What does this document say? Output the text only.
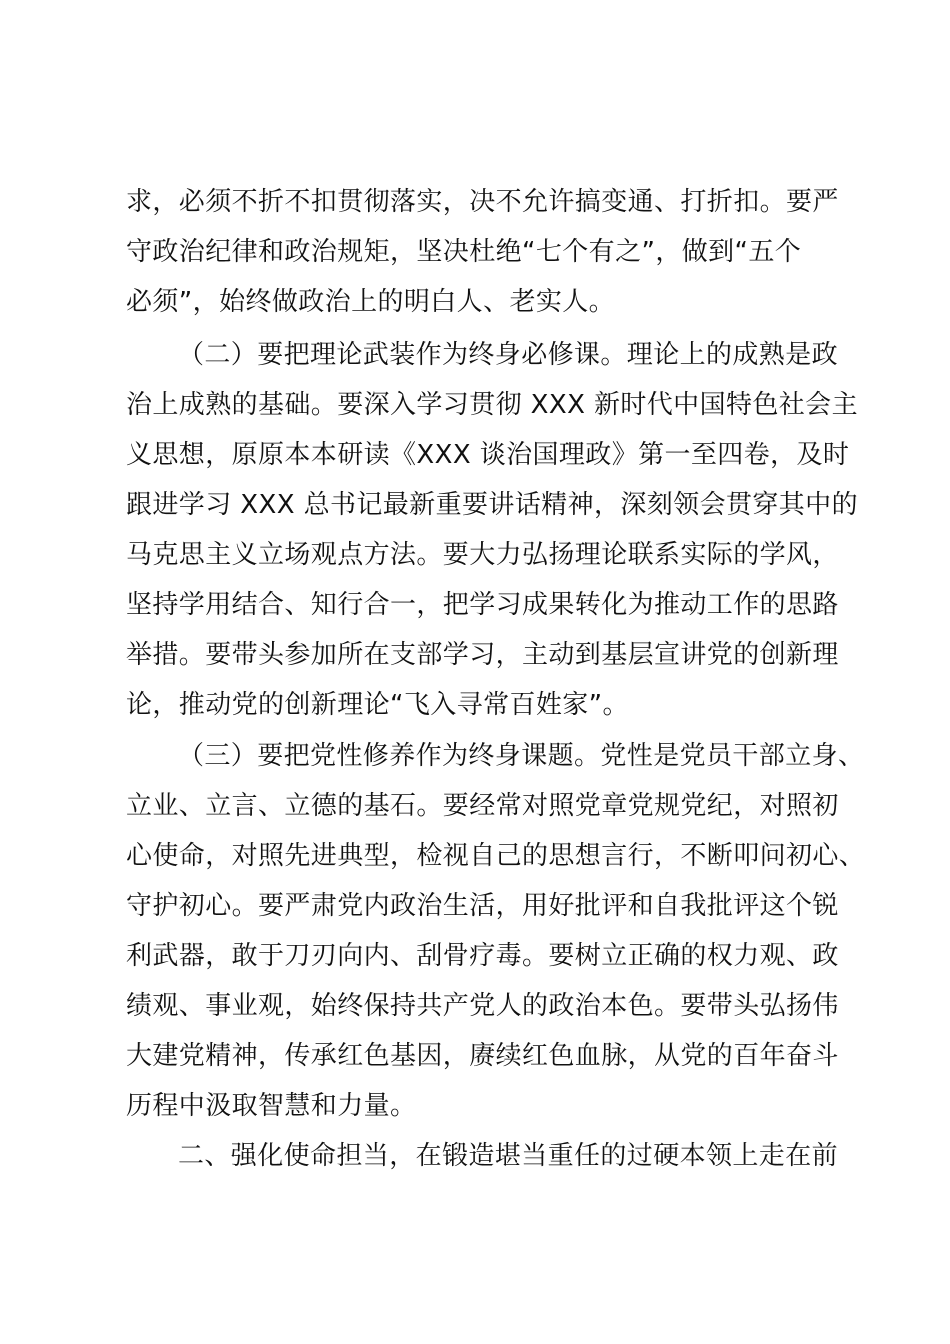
求，必须不折不扣贯彻落实，决不允许搞变通、打折扣。要严
守政治纪律和政治规矩，坚决杜绝“七个有之”，做到“五个
必须”，始终做政治上的明白人、老实人。
（二）要把理论武装作为终身必修课。理论上的成熟是政
治上成熟的基础。要深入学习贯彻 XXX 新时代中国特色社会主
义思想，原原本本研读《XXX 谈治国理政》第一至四卷，及时
跟进学习 XXX 总书记最新重要讲话精神，深刻领会贯穿其中的
马克思主义立场观点方法。要大力弘扬理论联系实际的学风，
坚持学用结合、知行合一，把学习成果转化为推动工作的思路
举措。要带头参加所在支部学习，主动到基层宣讲党的创新理
论，推动党的创新理论“飞入寻常百姓家”。
（三）要把党性修养作为终身课题。党性是党员干部立身、
立业、立言、立德的基石。要经常对照党章党规党纪，对照初
心使命，对照先进典型，检视自己的思想言行，不断叩问初心、
守护初心。要严肃党内政治生活，用好批评和自我批评这个锐
利武器，敢于刀刃向内、刮骨疗毒。要树立正确的权力观、政
绩观、事业观，始终保持共产党人的政治本色。要带头弘扬伟
大建党精神，传承红色基因，赓续红色血脉，从党的百年奋斗
历程中汲取智慧和力量。
二、强化使命担当，在锻造堪当重任的过硬本领上走在前
